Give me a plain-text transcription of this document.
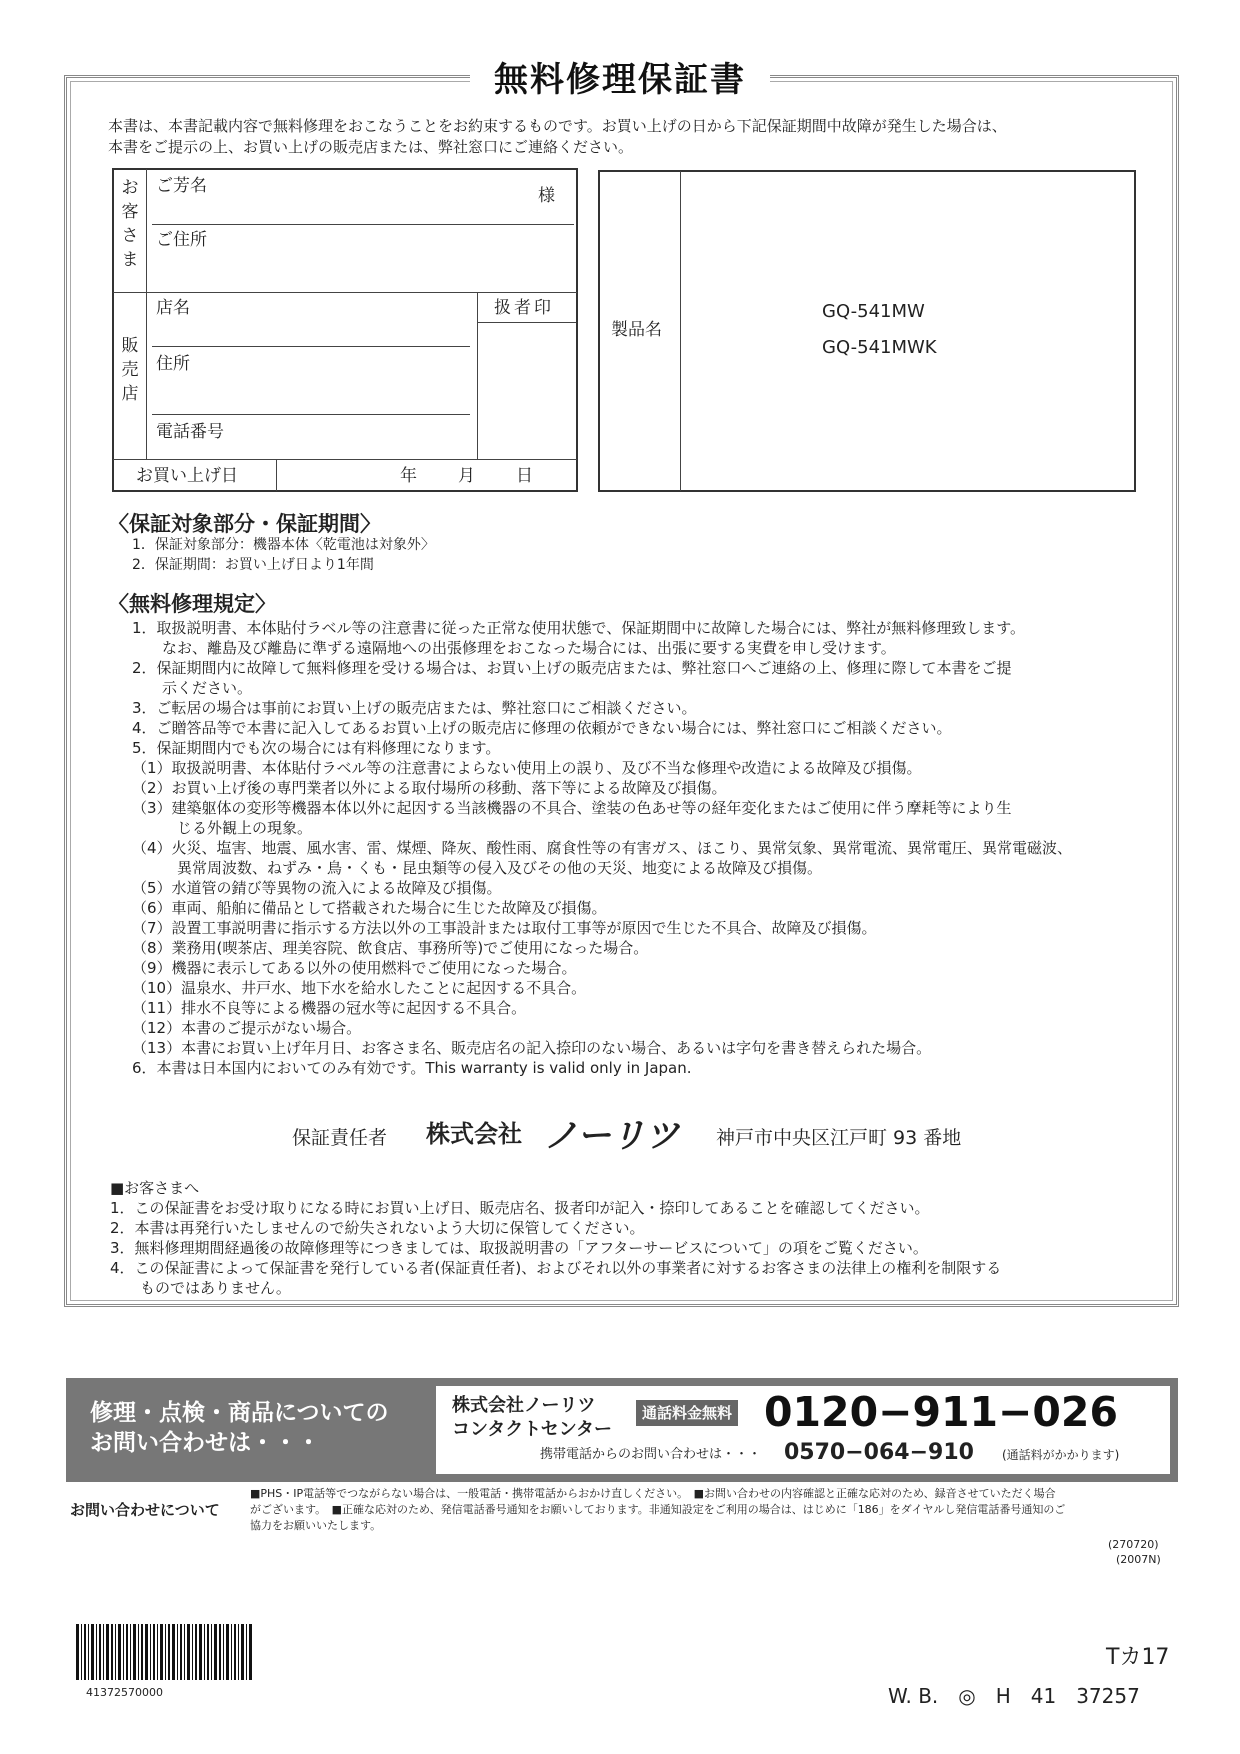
無料修理保証書
本書は、本書記載内容で無料修理をおこなうことをお約束するものです。お買い上げの日から下記保証期間中故障が発生した場合は、
本書をご提示の上、お買い上げの販売店または、弊社窓口にご連絡ください。
お客さま
ご芳名	様
ご住所
販売店
店名	扱者印
住所
電話番号
お買い上げ日	年 月 日
製品名
GQ-541MW
GQ-541MWK
〈保証対象部分・保証期間〉
1．保証対象部分：機器本体〈乾電池は対象外〉
2．保証期間：お買い上げ日より1年間
〈無料修理規定〉
1．取扱説明書、本体貼付ラベル等の注意書に従った正常な使用状態で、保証期間中に故障した場合には、弊社が無料修理致します。
　　なお、離島及び離島に準ずる遠隔地への出張修理をおこなった場合には、出張に要する実費を申し受けます。
2．保証期間内に故障して無料修理を受ける場合は、お買い上げの販売店または、弊社窓口へご連絡の上、修理に際して本書をご提
　　示ください。
3．ご転居の場合は事前にお買い上げの販売店または、弊社窓口にご相談ください。
4．ご贈答品等で本書に記入してあるお買い上げの販売店に修理の依頼ができない場合には、弊社窓口にご相談ください。
5．保証期間内でも次の場合には有料修理になります。
（1）取扱説明書、本体貼付ラベル等の注意書によらない使用上の誤り、及び不当な修理や改造による故障及び損傷。
（2）お買い上げ後の専門業者以外による取付場所の移動、落下等による故障及び損傷。
（3）建築躯体の変形等機器本体以外に起因する当該機器の不具合、塗装の色あせ等の経年変化またはご使用に伴う摩耗等により生
　　　じる外観上の現象。
（4）火災、塩害、地震、風水害、雷、煤煙、降灰、酸性雨、腐食性等の有害ガス、ほこり、異常気象、異常電流、異常電圧、異常電磁波、
　　　異常周波数、ねずみ・鳥・くも・昆虫類等の侵入及びその他の天災、地変による故障及び損傷。
（5）水道管の錆び等異物の流入による故障及び損傷。
（6）車両、船舶に備品として搭載された場合に生じた故障及び損傷。
（7）設置工事説明書に指示する方法以外の工事設計または取付工事等が原因で生じた不具合、故障及び損傷。
（8）業務用(喫茶店、理美容院、飲食店、事務所等)でご使用になった場合。
（9）機器に表示してある以外の使用燃料でご使用になった場合。
（10）温泉水、井戸水、地下水を給水したことに起因する不具合。
（11）排水不良等による機器の冠水等に起因する不具合。
（12）本書のご提示がない場合。
（13）本書にお買い上げ年月日、お客さま名、販売店名の記入捺印のない場合、あるいは字句を書き替えられた場合。
6．本書は日本国内においてのみ有効です。This warranty is valid only in Japan.
保証責任者 株式会社 ノーリツ 神戸市中央区江戸町 93 番地
■お客さまへ
1．この保証書をお受け取りになる時にお買い上げ日、販売店名、扱者印が記入・捺印してあることを確認してください。
2．本書は再発行いたしませんので紛失されないよう大切に保管してください。
3．無料修理期間経過後の故障修理等につきましては、取扱説明書の「アフターサービスについて」の項をご覧ください。
4．この保証書によって保証書を発行している者(保証責任者)、およびそれ以外の事業者に対するお客さまの法律上の権利を制限する
　　ものではありません。
修理・点検・商品についての
お問い合わせは・・・
株式会社ノーリツ
コンタクトセンター
通話料金無料 0120−911−026
携帯電話からのお問い合わせは・・・ 0570−064−910 (通話料がかかります)
お問い合わせについて
■PHS・IP電話等でつながらない場合は、一般電話・携帯電話からおかけ直しください。　■お問い合わせの内容確認と正確な応対のため、録音させていただく場合
がございます。　■正確な応対のため、発信電話番号通知をお願いしております。非通知設定をご利用の場合は、はじめに「186」をダイヤルし発信電話番号通知のご
協力をお願いいたします。
(270720)
(2007N)
41372570000
Tカ17
W. B.　◎　H　41　37257
